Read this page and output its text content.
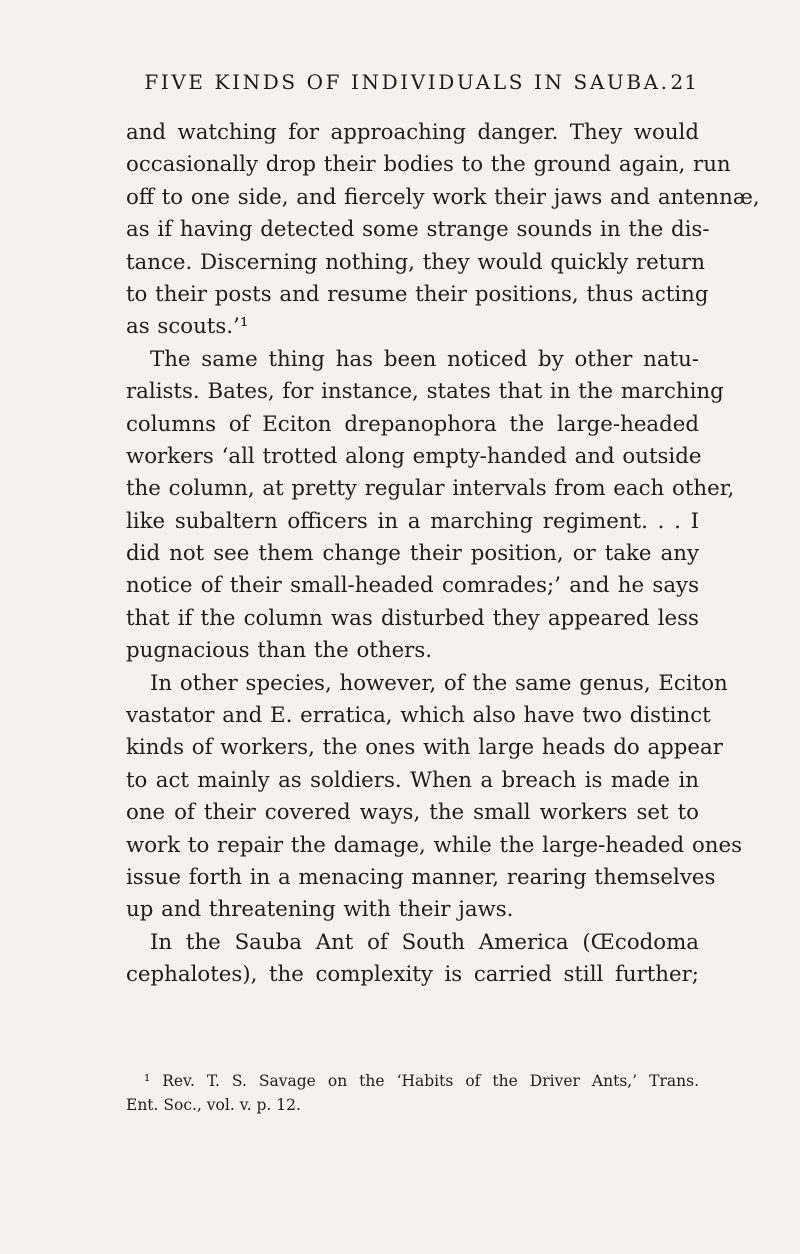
FIVE KINDS OF INDIVIDUALS IN SAUBA. 21
and watching for approaching danger. They would
occasionally drop their bodies to the ground again, run
off to one side, and fiercely work their jaws and antennæ,
as if having detected some strange sounds in the dis-
tance. Discerning nothing, they would quickly return
to their posts and resume their positions, thus acting
as scouts.’¹
The same thing has been noticed by other natu-
ralists. Bates, for instance, states that in the marching
columns of Eciton drepanophora the large-headed
workers ‘all trotted along empty-handed and outside
the column, at pretty regular intervals from each other,
like subaltern officers in a marching regiment. . . I
did not see them change their position, or take any
notice of their small-headed comrades;’ and he says
that if the column was disturbed they appeared less
pugnacious than the others.
In other species, however, of the same genus, Eciton
vastator and E. erratica, which also have two distinct
kinds of workers, the ones with large heads do appear
to act mainly as soldiers. When a breach is made in
one of their covered ways, the small workers set to
work to repair the damage, while the large-headed ones
issue forth in a menacing manner, rearing themselves
up and threatening with their jaws.
In the Sauba Ant of South America (Œcodoma
cephalotes), the complexity is carried still further;
¹ Rev. T. S. Savage on the ‘Habits of the Driver Ants,’ Trans.
Ent. Soc., vol. v. p. 12.
